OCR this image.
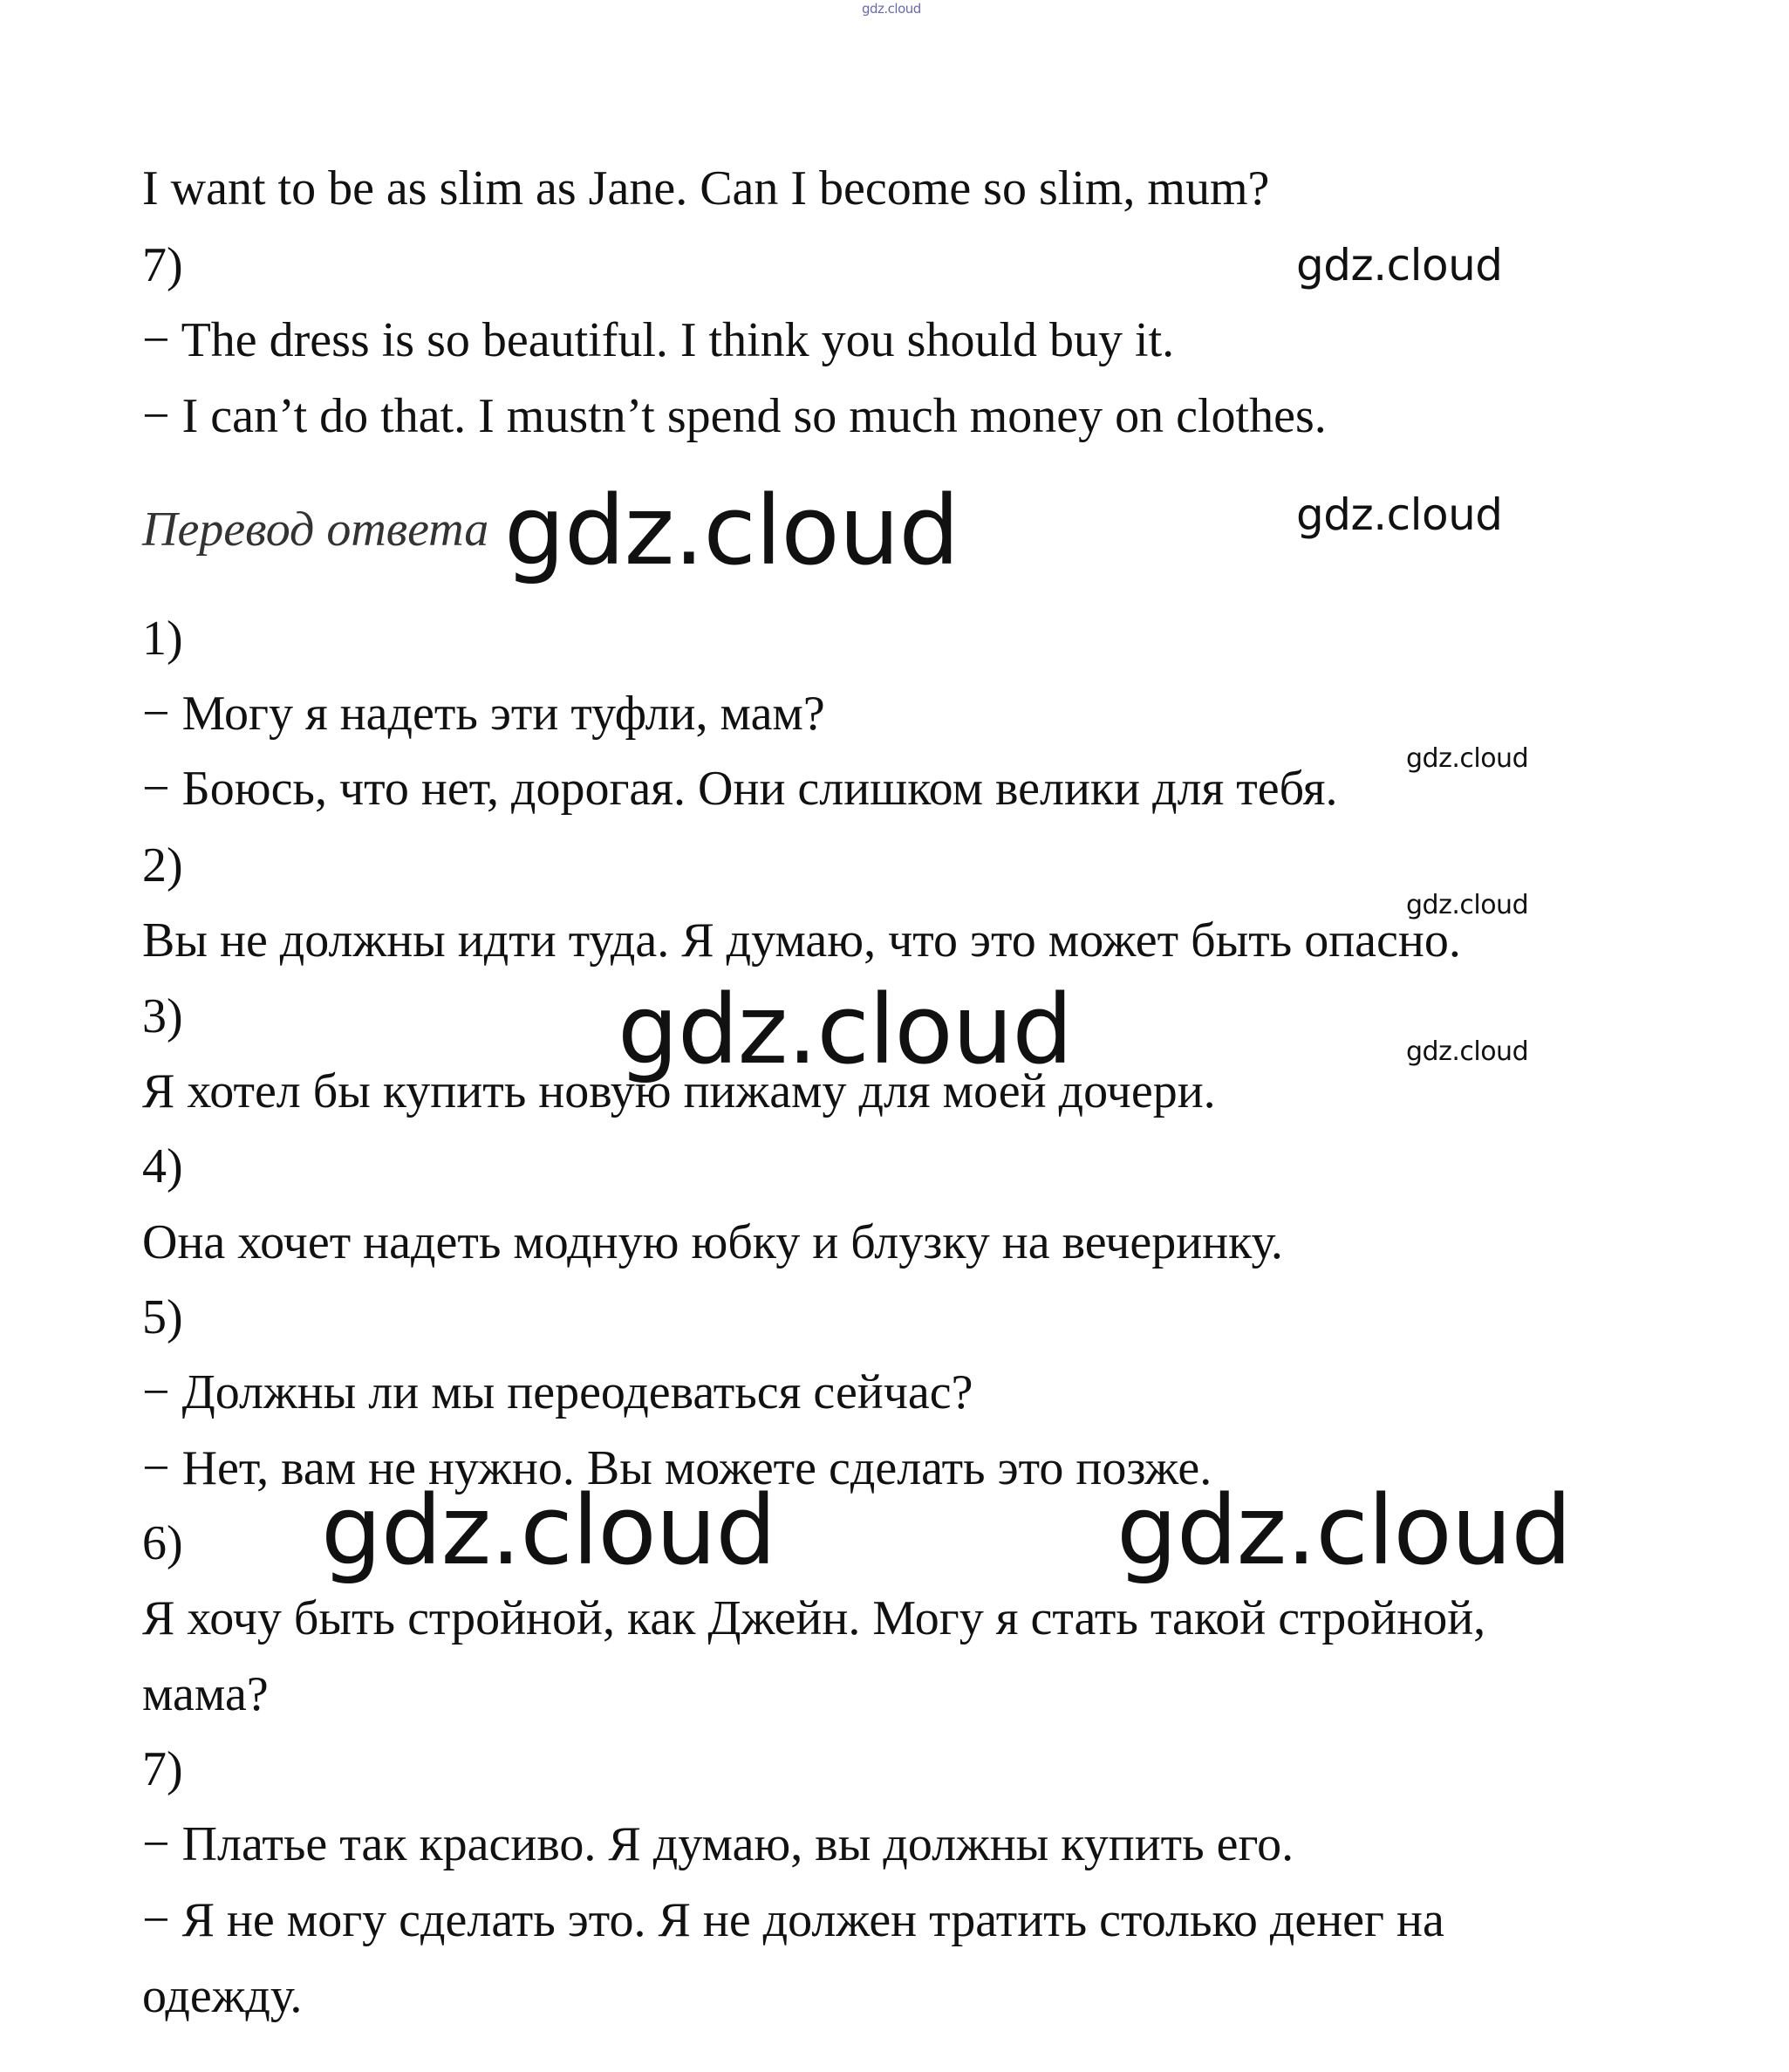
gdz.cloud
I want to be as slim as Jane. Can I become so slim, mum?
7)
− The dress is so beautiful. I think you should buy it.
− I can’t do that. I mustn’t spend so much money on clothes.
Перевод ответа
1)
− Могу я надеть эти туфли, мам?
− Боюсь, что нет, дорогая. Они слишком велики для тебя.
2)
Вы не должны идти туда. Я думаю, что это может быть опасно.
3)
Я хотел бы купить новую пижаму для моей дочери.
4)
Она хочет надеть модную юбку и блузку на вечеринку.
5)
− Должны ли мы переодеваться сейчас?
− Нет, вам не нужно. Вы можете сделать это позже.
6)
Я хочу быть стройной, как Джейн. Могу я стать такой стройной,
мама?
7)
− Платье так красиво. Я думаю, вы должны купить его.
− Я не могу сделать это. Я не должен тратить столько денег на
одежду.
gdz.cloud
gdz.cloud
gdz.cloud
gdz.cloud
gdz.cloud
gdz.cloud
gdz.cloud
gdz.cloud	gdz.cloud
